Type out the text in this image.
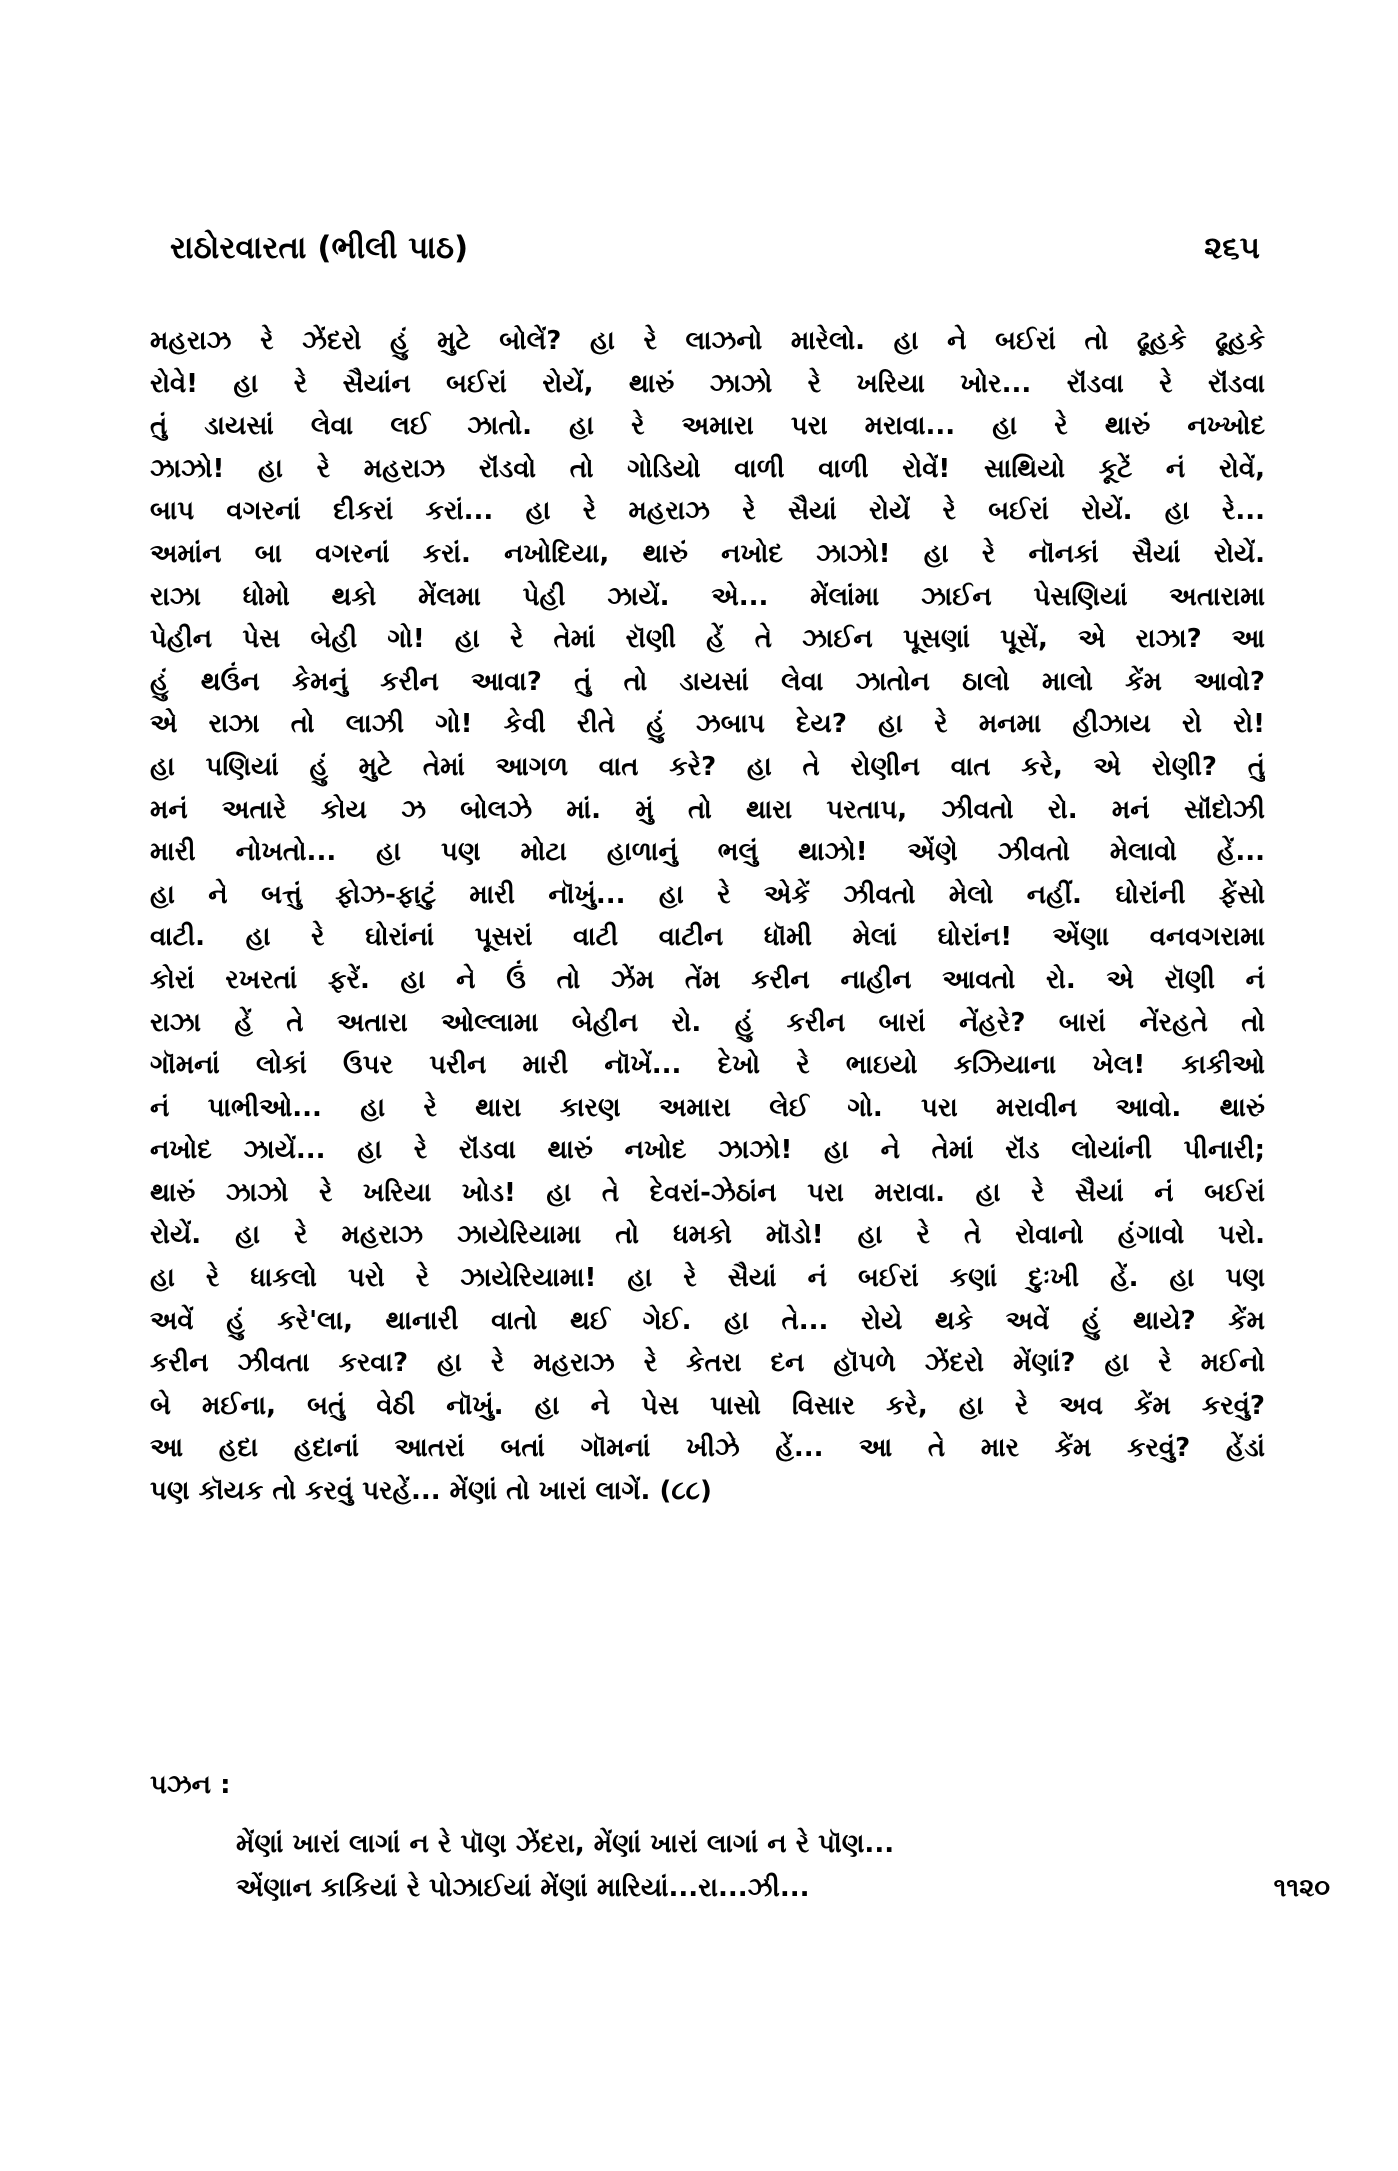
રાઠોરવારતા (ભીલી પાઠ)	૨૬૫
મહરાઝ રે ઝેંદરો હું મુટે બોલેં? હા રે લાઝનો મારેલો. હા ને બઈરાં તો ઢૂહકે ઢૂહકે
રોવે! હા રે સૈયાંન બઈરાં રોયેં, થારું ઝાઝો રે ખરિયા ખોર... રૉંડવા રે રૉંડવા
તું ડાયસાં લેવા લઈ ઝાતો. હા રે અમારા પરા મરાવા... હા રે થારું નખ્ખોદ
ઝાઝો! હા રે મહરાઝ રૉંડવો તો ગોડિયો વાળી વાળી રોવેં! સાથિયો કૂટેં નં રોવેં,
બાપ વગરનાં દીકરાં કરાં... હા રે મહરાઝ રે સૈયાં રોયેં રે બઈરાં રોયેં. હા રે...
અમાંન બા વગરનાં કરાં. નખોદિયા, થારું નખોદ ઝાઝો! હા રે નૉનકાં સૈયાં રોયેં.
રાઝા ધોમો થકો મેંલમા પેહી ઝાયેં. એ... મેંલાંમા ઝાઈન પેસણિયાં અતારામા
પેહીન પેસ બેહી ગો! હા રે તેમાં રૉણી હેં તે ઝાઈન પૂસણાં પૂસેં, એ રાઝા? આ
હું થઉંન કેમનું કરીન આવા? તું તો ડાયસાં લેવા ઝાતોન ઠાલો માલો કેંમ આવો?
એ રાઝા તો લાઝી ગો! કેવી રીતે હું ઝબાપ દેય? હા રે મનમા હીઝાય રો રો!
હા પણિયાં હું મુટે તેમાં આગળ વાત કરે? હા તે રોણીન વાત કરે, એ રોણી? તું
મનં અતારે કોય ઝ બોલઝે માં. મું તો થારા પરતાપ, ઝીવતો રો. મનં સૉંદોઝી
મારી નોખતો... હા પણ મોટા હાળાનું ભલું થાઝો! એંણે ઝીવતો મેલાવો હેં...
હા ને બત્તું ફોઝ-ફાટું મારી નૉખું... હા રે એકેં ઝીવતો મેલો નહીં. ઘોરાંની ફેંસો
વાટી. હા રે ઘોરાંનાં પૂસરાં વાટી વાટીન ધૉમી મેલાં ઘોરાંન! એંણા વનવગરામા
કોરાં રખરતાં ફરેં. હા ને ઉં તો ઝેંમ તેંમ કરીન નાહીન આવતો રો. એ રૉણી નં
રાઝા હેં તે અતારા ઓલ્લામા બેહીન રો. હું કરીન બારાં નેંહરે? બારાં નેંરહતે તો
ગૉમનાં લોકાં ઉપર પરીન મારી નૉખેં... દેખો રે ભાઇયો કઝિયાના ખેલ! કાકીઓ
નં પાભીઓ... હા રે થારા કારણ અમારા લેઈ ગો. પરા મરાવીન આવો. થારું
નખોદ ઝાયેં... હા રે રૉંડવા થારું નખોદ ઝાઝો! હા ને તેમાં રૉંડ લોયાંની પીનારી;
થારું ઝાઝો રે ખરિયા ખોડ! હા તે દેવરાં-ઝેઠાંન પરા મરાવા. હા રે સૈયાં નં બઈરાં
રોયેં. હા રે મહરાઝ ઝાયેરિયામા તો ધમકો મૉડો! હા રે તે રોવાનો હંગાવો પરો.
હા રે ધાકલો પરો રે ઝાયેરિયામા! હા રે સૈયાં નં બઈરાં કણાં દુઃખી હેં. હા પણ
અવેં હું કરે'લા, થાનારી વાતો થઈ ગેઈ. હા તે... રોયે થકે અવેં હું થાયે? કેંમ
કરીન ઝીવતા કરવા? હા રે મહરાઝ રે કેતરા દન હૉપળે ઝેંદરો મેંણાં? હા રે મઈનો
બે મઈના, બતું વેઠી નૉખું. હા ને પેસ પાસો વિસાર કરે, હા રે અવ કેંમ કરવું?
આ હદા હદાનાં આતરાં બતાં ગૉમનાં ખીઝે હેં... આ તે માર કેંમ કરવું? હેંડાં
પણ કૉયક તો કરવું પરહેં... મેંણાં તો ખારાં લાગેં. (૮૮)
પઝન :
મેંણાં ખારાં લાગાં ન રે પૉણ ઝેંદરા, મેંણાં ખારાં લાગાં ન રે પૉણ...
એંણાન કાકિયાં રે પોઝાઈયાં મેંણાં મારિયાં...રા...ઝી...	૧૧૨૦
